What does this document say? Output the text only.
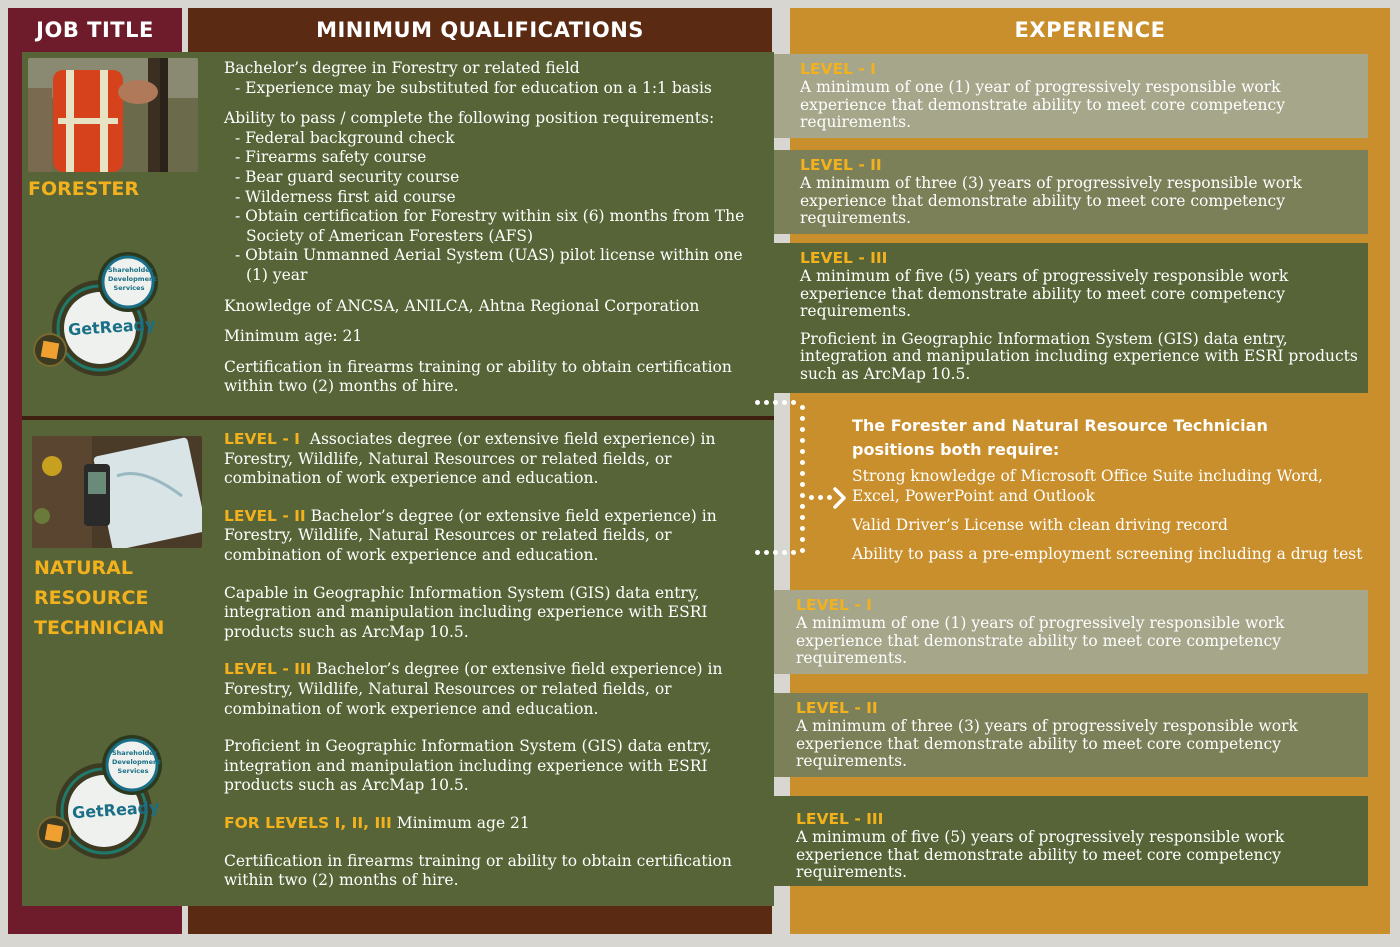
JOB TITLE	MINIMUM QUALIFICATIONS	EXPERIENCE
FORESTER
Shareholder
Development
Services
GetReady

Bachelor’s degree in Forestry or related field

- Experience may be substituted for education on a 1:1 basis

Ability to pass / complete the following position requirements:

- Federal background check

- Firearms safety course

- Bear guard security course

- Wilderness first aid course

- Obtain certification for Forestry within six (6) months from The Society of American Foresters (AFS)

- Obtain Unmanned Aerial System (UAS) pilot license within one (1) year

Knowledge of ANCSA, ANILCA, Ahtna Regional Corporation

Minimum age: 21

Certification in firearms training or ability to obtain certification within two (2) months of hire.

LEVEL - I
A minimum of one (1) year of progressively responsible work experience that demonstrate ability to meet core competency requirements.
LEVEL - II
A minimum of three (3) years of progressively responsible work experience that demonstrate ability to meet core competency requirements.
LEVEL - III
A minimum of five (5) years of progressively responsible work experience that demonstrate ability to meet core competency requirements.
Proficient in Geographic Information System (GIS) data entry, integration and manipulation including experience with ESRI products such as ArcMap 10.5.
NATURAL
RESOURCE
TECHNICIAN
Shareholder
Development
Services
GetReady

LEVEL - I Associates degree (or extensive field experience) in Forestry, Wildlife, Natural Resources or related fields, or combination of work experience and education.

LEVEL - II Bachelor’s degree (or extensive field experience) in Forestry, Wildlife, Natural Resources or related fields, or combination of work experience and education.

Capable in Geographic Information System (GIS) data entry, integration and manipulation including experience with ESRI products such as ArcMap 10.5.

LEVEL - III Bachelor’s degree (or extensive field experience) in Forestry, Wildlife, Natural Resources or related fields, or combination of work experience and education.

Proficient in Geographic Information System (GIS) data entry, integration and manipulation including experience with ESRI products such as ArcMap 10.5.

FOR LEVELS I, II, III Minimum age 21

Certification in firearms training or ability to obtain certification within two (2) months of hire.

The Forester and Natural Resource Technician
positions both require:

Strong knowledge of Microsoft Office Suite including Word, Excel, PowerPoint and Outlook

Valid Driver’s License with clean driving record

Ability to pass a pre-employment screening including a drug test

LEVEL - I
A minimum of one (1) years of progressively responsible work experience that demonstrate ability to meet core competency requirements.
LEVEL - II
A minimum of three (3) years of progressively responsible work experience that demonstrate ability to meet core competency requirements.
LEVEL - III
A minimum of five (5) years of progressively responsible work experience that demonstrate ability to meet core competency requirements.
